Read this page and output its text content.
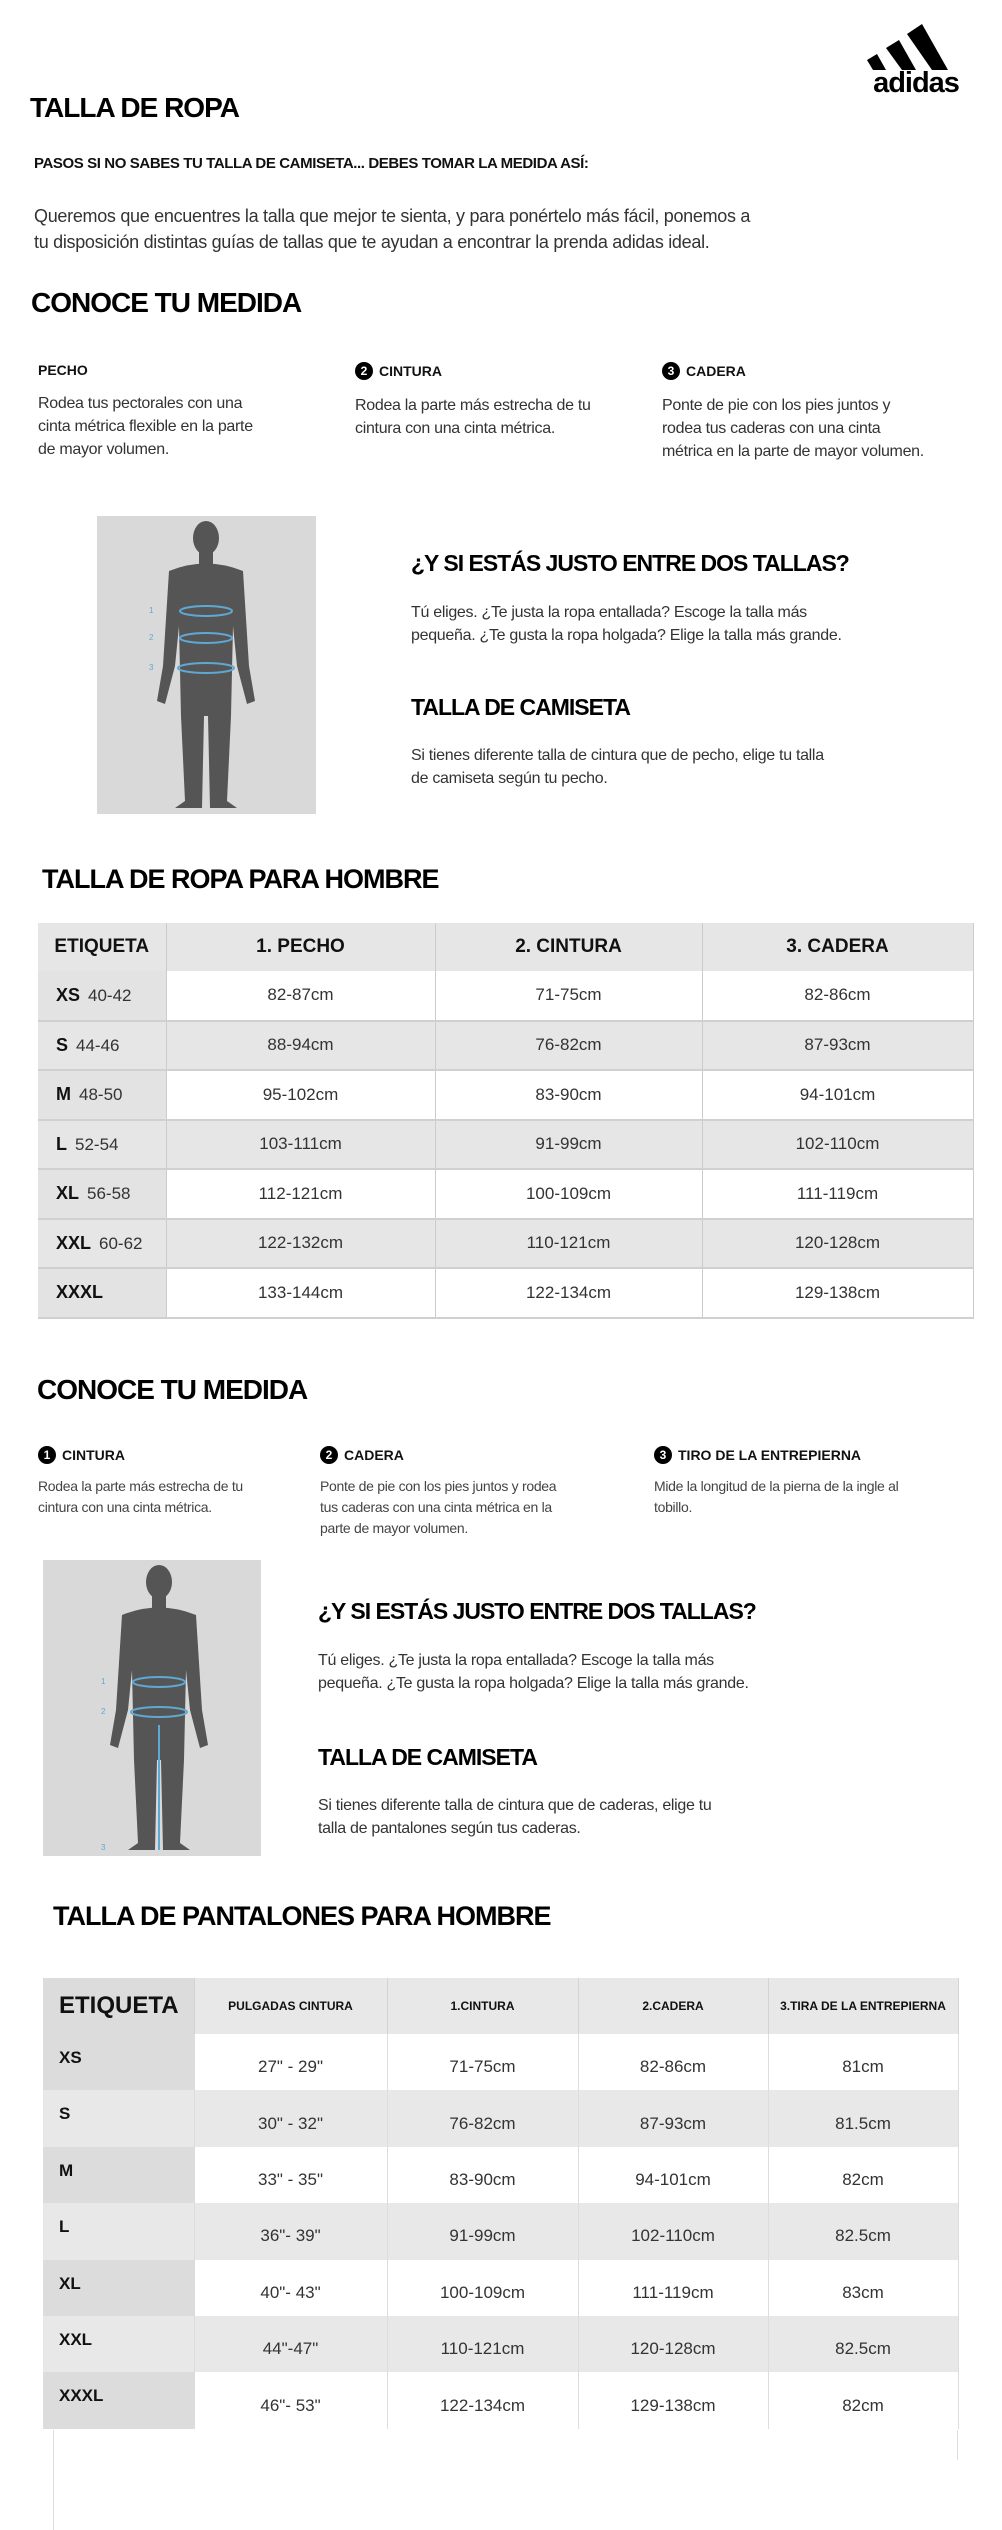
adidas
TALLA DE ROPA
PASOS SI NO SABES TU TALLA DE CAMISETA... DEBES TOMAR LA MEDIDA ASÍ:
Queremos que encuentres la talla que mejor te sienta, y para ponértelo más fácil, ponemos a
tu disposición distintas guías de tallas que te ayudan a encontrar la prenda adidas ideal.
CONOCE TU MEDIDA
PECHO
Rodea tus pectorales con una
cinta métrica flexible en la parte
de mayor volumen.
2 CINTURA
Rodea la parte más estrecha de tu
cintura con una cinta métrica.
3 CADERA
Ponte de pie con los pies juntos y
rodea tus caderas con una cinta
métrica en la parte de mayor volumen.
1
2
3
¿Y SI ESTÁS JUSTO ENTRE DOS TALLAS?
Tú eliges. ¿Te justa la ropa entallada? Escoge la talla más
pequeña. ¿Te gusta la ropa holgada? Elige la talla más grande.
TALLA DE CAMISETA
Si tienes diferente talla de cintura que de pecho, elige tu talla
de camiseta según tu pecho.
TALLA DE ROPA PARA HOMBRE
ETIQUETA	1. PECHO	2. CINTURA	3. CADERA
XS 40-42	82-87cm	71-75cm	82-86cm
S 44-46	88-94cm	76-82cm	87-93cm
M 48-50	95-102cm	83-90cm	94-101cm
L 52-54	103-111cm	91-99cm	102-110cm
XL 56-58	112-121cm	100-109cm	111-119cm
XXL 60-62	122-132cm	110-121cm	120-128cm
XXXL	133-144cm	122-134cm	129-138cm
CONOCE TU MEDIDA
1 CINTURA
Rodea la parte más estrecha de tu
cintura con una cinta métrica.
2 CADERA
Ponte de pie con los pies juntos y rodea
tus caderas con una cinta métrica en la
parte de mayor volumen.
3 TIRO DE LA ENTREPIERNA
Mide la longitud de la pierna de la ingle al
tobillo.
1
2
3
¿Y SI ESTÁS JUSTO ENTRE DOS TALLAS?
Tú eliges. ¿Te justa la ropa entallada? Escoge la talla más
pequeña. ¿Te gusta la ropa holgada? Elige la talla más grande.
TALLA DE CAMISETA
Si tienes diferente talla de cintura que de caderas, elige tu
talla de pantalones según tus caderas.
TALLA DE PANTALONES PARA HOMBRE
ETIQUETA	PULGADAS CINTURA	1.CINTURA	2.CADERA	3.TIRA DE LA ENTREPIERNA
XS	27" - 29"	71-75cm	82-86cm	81cm
S	30" - 32"	76-82cm	87-93cm	81.5cm
M	33" - 35"	83-90cm	94-101cm	82cm
L	36"- 39"	91-99cm	102-110cm	82.5cm
XL	40"- 43"	100-109cm	111-119cm	83cm
XXL	44"-47"	110-121cm	120-128cm	82.5cm
XXXL	46"- 53"	122-134cm	129-138cm	82cm
